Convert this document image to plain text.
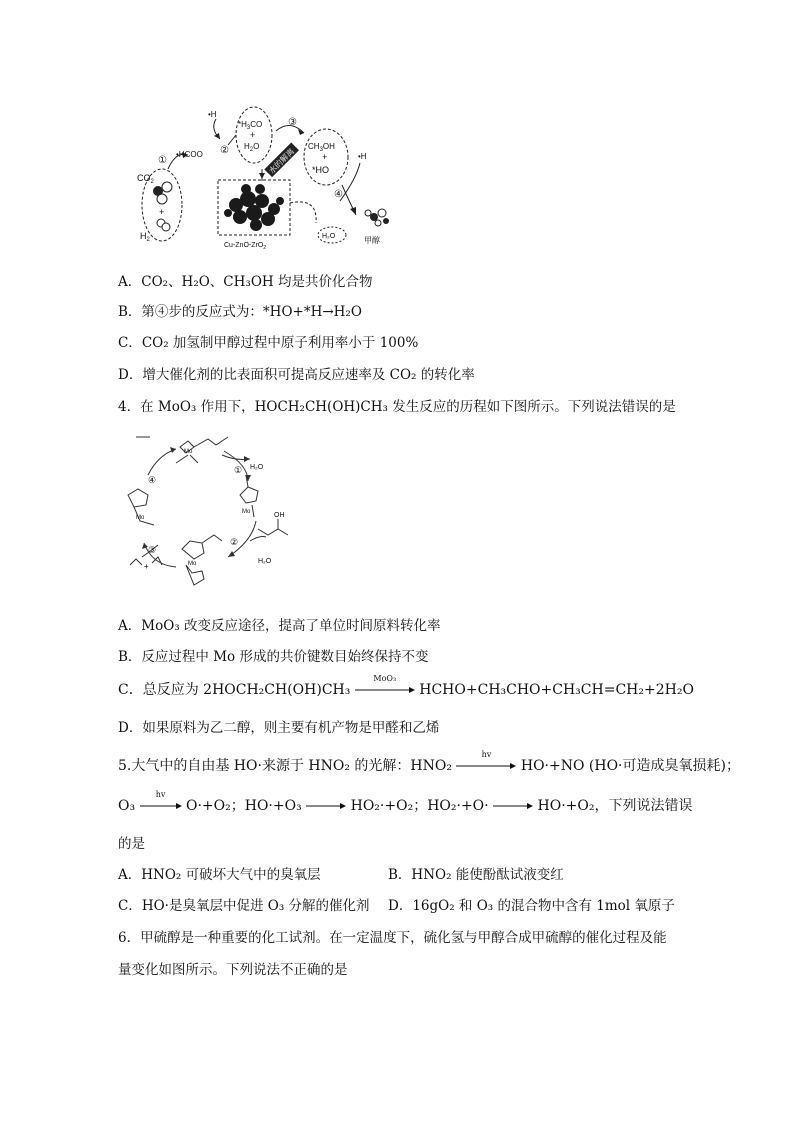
$CO_2$
$H_2$
+
①
•HCOO
•H
②
$*H_3CO$
+
$H_2O$
③
水的解离
$CH_3OH$
+
*HO
•H
④
甲醇
Cu-ZnO-ZrO$_2$
H₂O
A．CO₂、H₂O、CH₃OH 均是共价化合物
B．第④步的反应式为：*HO+*H→H₂O
C．CO₂ 加氢制甲醇过程中原子利用率小于 100%
D．增大催化剂的比表面积可提高反应速率及 CO₂ 的转化率
4．在 MoO₃ 作用下，HOCH₂CH(OH)CH₃ 发生反应的历程如下图所示。下列说法错误的是
①
②
③
④
H₂O
H₂O
OH
Mo
Mo
Mo
Mo
+
A．MoO₃ 改变反应途径，提高了单位时间原料转化率
B．反应过程中 Mo 形成的共价键数目始终保持不变
C．总反应为 2HOCH₂CH(OH)CH₃
MoO₃
HCHO+CH₃CHO+CH₃CH=CH₂+2H₂O
D．如果原料为乙二醇，则主要有机产物是甲醛和乙烯
5.大气中的自由基 HO·来源于 HNO₂ 的光解：HNO₂
hv
HO·+NO (HO·可造成臭氧损耗)；
O₃
hv
O·+O₂；HO·+O₃ → HO₂·+O₂；HO₂·+O· → HO·+O₂，下列说法错误
的是
A．HNO₂ 可破坏大气中的臭氧层	B．HNO₂ 能使酚酞试液变红
C．HO·是臭氧层中促进 O₃ 分解的催化剂 D．16gO₂ 和 O₃ 的混合物中含有 1mol 氧原子
6．甲硫醇是一种重要的化工试剂。在一定温度下，硫化氢与甲醇合成甲硫醇的催化过程及能
量变化如图所示。下列说法不正确的是
